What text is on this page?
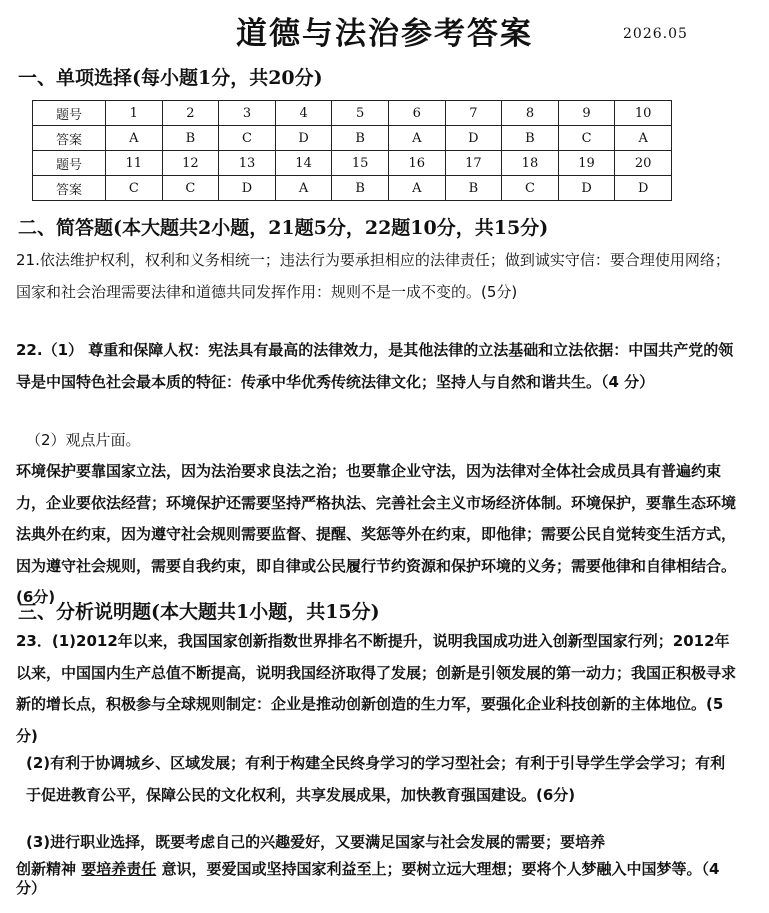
道德与法治参考答案	2026.05
一、单项选择(每小题1分，共20分)
题号	1	2	3	4	5	6	7	8	9	10
答案	A	B	C	D	B	A	D	B	C	A
题号	11	12	13	14	15	16	17	18	19	20
答案	C	C	D	A	B	A	B	C	D	D
二、简答题(本大题共2小题，21题5分，22题10分，共15分)
21.依法维护权利，权利和义务相统一；违法行为要承担相应的法律责任；做到诚实守信：要合理使用网络；国家和社会治理需要法律和道德共同发挥作用：规则不是一成不变的。(5分)
22.（1） 尊重和保障人权：宪法具有最高的法律效力，是其他法律的立法基础和立法依据：中国共产党的领导是中国特色社会最本质的特征：传承中华优秀传统法律文化；坚持人与自然和谐共生。（4 分）
（2）观点片面。
环境保护要靠国家立法，因为法治要求良法之治；也要靠企业守法，因为法律对全体社会成员具有普遍约束力，企业要依法经营；环境保护还需要坚持严格执法、完善社会主义市场经济体制。环境保护，要靠生态环境法典外在约束，因为遵守社会规则需要监督、提醒、奖惩等外在约束，即他律；需要公民自觉转变生活方式，因为遵守社会规则，需要自我约束，即自律或公民履行节约资源和保护环境的义务；需要他律和自律相结合。(6分)
三、分析说明题(本大题共1小题，共15分)
23．(1)2012年以来，我国国家创新指数世界排名不断提升，说明我国成功进入创新型国家行列；2012年以来，中国国内生产总值不断提高，说明我国经济取得了发展；创新是引领发展的第一动力；我国正积极寻求新的增长点，积极参与全球规则制定：企业是推动创新创造的生力军，要强化企业科技创新的主体地位。(5分)
(2)有利于协调城乡、区域发展；有利于构建全民终身学习的学习型社会；有利于引导学生学会学习；有利于促进教育公平，保障公民的文化权利，共享发展成果，加快教育强国建设。(6分)
(3)进行职业选择，既要考虑自己的兴趣爱好，又要满足国家与社会发展的需要；要培养
创新精神 要培养责任 意识，要爱国或坚持国家利益至上；要树立远大理想；要将个人梦融入中国梦等。（4 分）
